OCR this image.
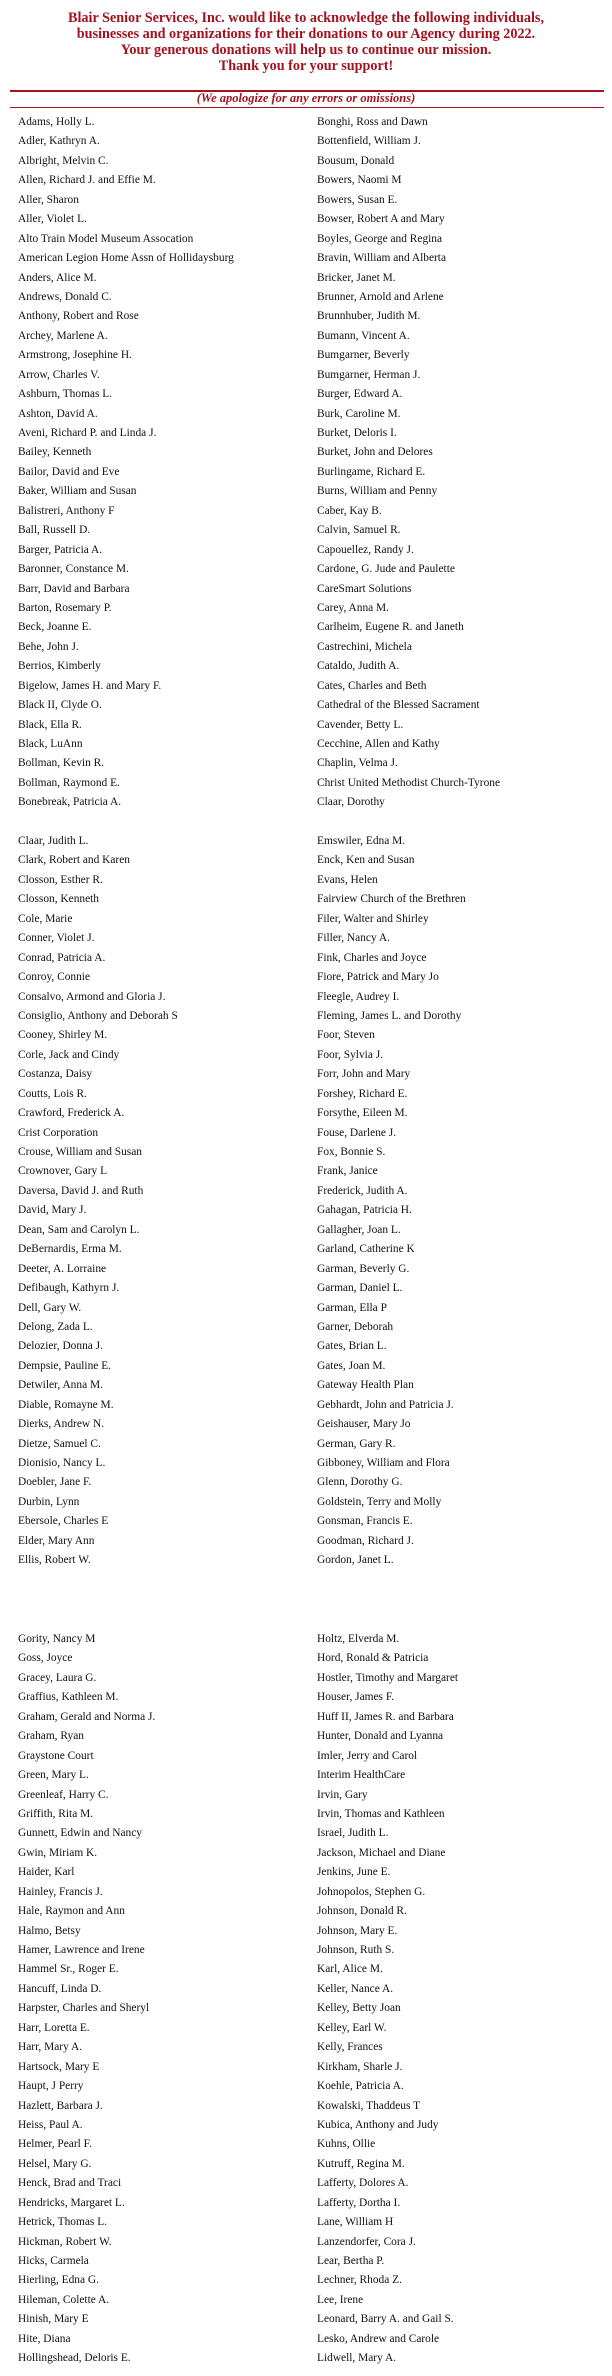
Blair Senior Services, Inc. would like to acknowledge the following individuals,
businesses and organizations for their donations to our Agency during 2022.
Your generous donations will help us to continue our mission.
Thank you for your support!
(We apologize for any errors or omissions)
Adams, Holly L.
Adler, Kathryn A.
Albright, Melvin C.
Allen, Richard J. and Effie M.
Aller, Sharon
Aller, Violet L.
Alto Train Model Museum Assocation
American Legion Home Assn of Hollidaysburg
Anders, Alice M.
Andrews, Donald C.
Anthony, Robert and Rose
Archey, Marlene A.
Armstrong, Josephine H.
Arrow, Charles V.
Ashburn, Thomas L.
Ashton, David A.
Aveni, Richard P. and Linda J.
Bailey, Kenneth
Bailor, David and Eve
Baker, William and Susan
Balistreri, Anthony F
Ball, Russell D.
Barger, Patricia A.
Baronner, Constance M.
Barr, David and Barbara
Barton, Rosemary P.
Beck, Joanne E.
Behe, John J.
Berrios, Kimberly
Bigelow, James H. and Mary F.
Black II, Clyde O.
Black, Ella R.
Black, LuAnn
Bollman, Kevin R.
Bollman, Raymond E.
Bonebreak, Patricia A.
Bonghi, Ross and Dawn
Bottenfield, William J.
Bousum, Donald
Bowers, Naomi M
Bowers, Susan E.
Bowser, Robert A and Mary
Boyles, George and Regina
Bravin, William and Alberta
Bricker, Janet M.
Brunner, Arnold and Arlene
Brunnhuber, Judith M.
Bumann, Vincent A.
Bumgarner, Beverly
Bumgarner, Herman J.
Burger, Edward A.
Burk, Caroline M.
Burket, Deloris I.
Burket, John and Delores
Burlingame, Richard E.
Burns, William and Penny
Caber, Kay B.
Calvin, Samuel R.
Capouellez, Randy J.
Cardone, G. Jude and Paulette
CareSmart Solutions
Carey, Anna M.
Carlheim, Eugene R. and Janeth
Castrechini, Michela
Cataldo, Judith A.
Cates, Charles and Beth
Cathedral of the Blessed Sacrament
Cavender, Betty L.
Cecchine, Allen and Kathy
Chaplin, Velma J.
Christ United Methodist Church-Tyrone
Claar, Dorothy
Claar, Judith L.
Clark, Robert and Karen
Closson, Esther R.
Closson, Kenneth
Cole, Marie
Conner, Violet J.
Conrad, Patricia A.
Conroy, Connie
Consalvo, Armond and Gloria J.
Consiglio, Anthony and Deborah S
Cooney, Shirley M.
Corle, Jack and Cindy
Costanza, Daisy
Coutts, Lois R.
Crawford, Frederick A.
Crist Corporation
Crouse, William and Susan
Crownover, Gary L
Daversa, David J. and Ruth
David, Mary J.
Dean, Sam and Carolyn L.
DeBernardis, Erma M.
Deeter, A. Lorraine
Defibaugh, Kathyrn J.
Dell, Gary W.
Delong, Zada L.
Delozier, Donna J.
Dempsie, Pauline E.
Detwiler, Anna M.
Diable, Romayne M.
Dierks, Andrew N.
Dietze, Samuel C.
Dionisio, Nancy L.
Doebler, Jane F.
Durbin, Lynn
Ebersole, Charles E
Elder, Mary Ann
Ellis, Robert W.
Emswiler, Edna M.
Enck, Ken and Susan
Evans, Helen
Fairview Church of the Brethren
Filer, Walter and Shirley
Filler, Nancy A.
Fink, Charles and Joyce
Fiore, Patrick and Mary Jo
Fleegle, Audrey I.
Fleming, James L. and Dorothy
Foor, Steven
Foor, Sylvia J.
Forr, John and Mary
Forshey, Richard E.
Forsythe, Eileen M.
Fouse, Darlene J.
Fox, Bonnie S.
Frank, Janice
Frederick, Judith A.
Gahagan, Patricia H.
Gallagher, Joan L.
Garland, Catherine K
Garman, Beverly G.
Garman, Daniel L.
Garman, Ella P
Garner, Deborah
Gates, Brian L.
Gates, Joan M.
Gateway Health Plan
Gebhardt, John and Patricia J.
Geishauser, Mary Jo
German, Gary R.
Gibboney, William and Flora
Glenn, Dorothy G.
Goldstein, Terry and Molly
Gonsman, Francis E.
Goodman, Richard J.
Gordon, Janet L.
Gority, Nancy M
Goss, Joyce
Gracey, Laura G.
Graffius, Kathleen M.
Graham, Gerald and Norma J.
Graham, Ryan
Graystone Court
Green, Mary L.
Greenleaf, Harry C.
Griffith, Rita M.
Gunnett, Edwin and Nancy
Gwin, Miriam K.
Haider, Karl
Hainley, Francis J.
Hale, Raymon and Ann
Halmo, Betsy
Hamer, Lawrence and Irene
Hammel Sr., Roger E.
Hancuff, Linda D.
Harpster, Charles and Sheryl
Harr, Loretta E.
Harr, Mary A.
Hartsock, Mary E
Haupt, J Perry
Hazlett, Barbara J.
Heiss, Paul A.
Helmer, Pearl F.
Helsel, Mary G.
Henck, Brad and Traci
Hendricks, Margaret L.
Hetrick, Thomas L.
Hickman, Robert W.
Hicks, Carmela
Hierling, Edna G.
Hileman, Colette A.
Hinish, Mary E
Hite, Diana
Hollingshead, Deloris E.
Holtz, Elverda M.
Hord, Ronald & Patricia
Hostler, Timothy and Margaret
Houser, James F.
Huff II, James R. and Barbara
Hunter, Donald and Lyanna
Imler, Jerry and Carol
Interim HealthCare
Irvin, Gary
Irvin, Thomas and Kathleen
Israel, Judith L.
Jackson, Michael and Diane
Jenkins, June E.
Johnopolos, Stephen G.
Johnson, Donald R.
Johnson, Mary E.
Johnson, Ruth S.
Karl, Alice M.
Keller, Nance A.
Kelley, Betty Joan
Kelley, Earl W.
Kelly, Frances
Kirkham, Sharle J.
Koehle, Patricia A.
Kowalski, Thaddeus T
Kubica, Anthony and Judy
Kuhns, Ollie
Kutruff, Regina M.
Lafferty, Dolores A.
Lafferty, Dortha I.
Lane, William H
Lanzendorfer, Cora J.
Lear, Bertha P.
Lechner, Rhoda Z.
Lee, Irene
Leonard, Barry A. and Gail S.
Lesko, Andrew and Carole
Lidwell, Mary A.
